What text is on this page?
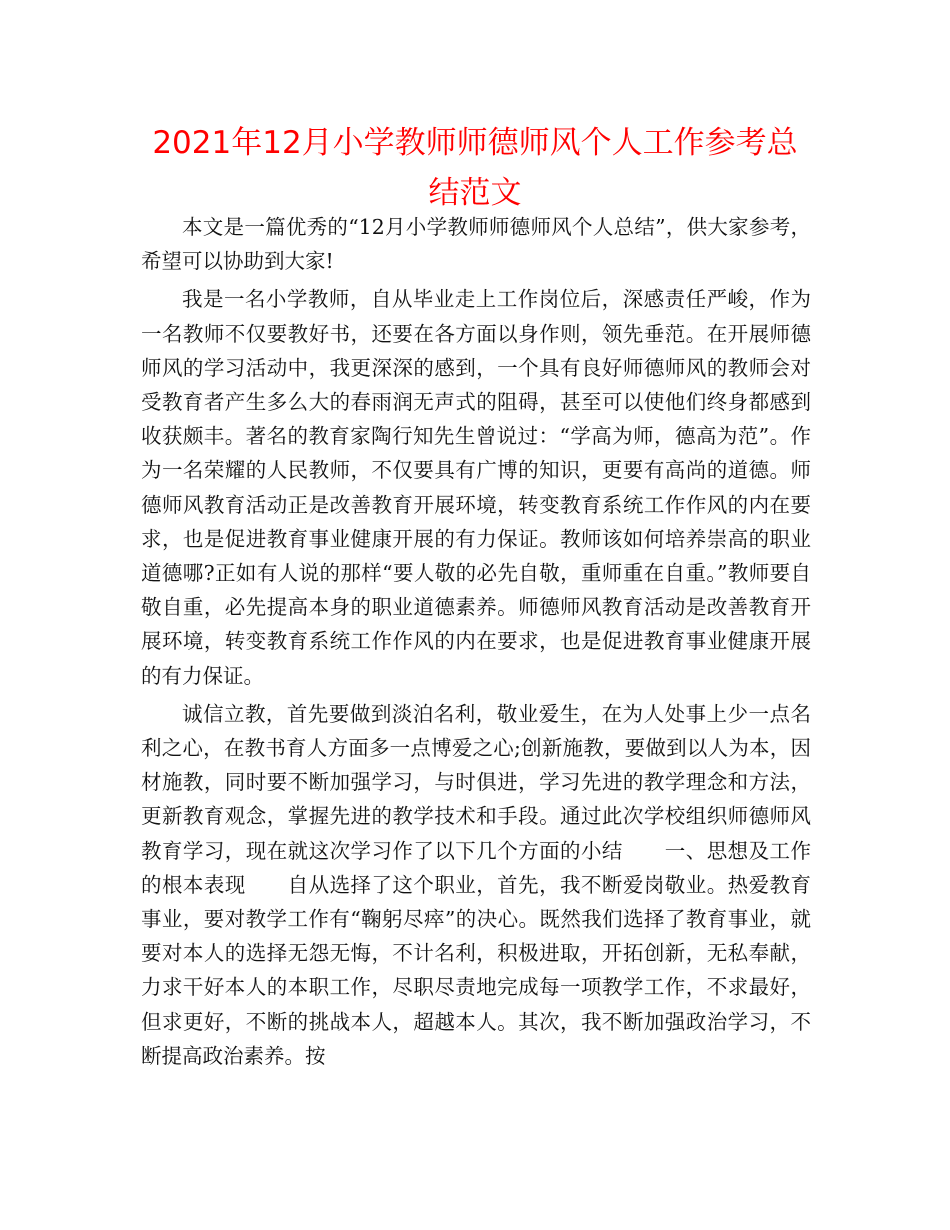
2021年12月小学教师师德师风个人工作参考总结范文

本文是一篇优秀的“12月小学教师师德师风个人总结”，供大家参考，希望可以协助到大家!

我是一名小学教师，自从毕业走上工作岗位后，深感责任严峻，作为一名教师不仅要教好书，还要在各方面以身作则，领先垂范。在开展师德师风的学习活动中，我更深深的感到，一个具有良好师德师风的教师会对受教育者产生多么大的春雨润无声式的阻碍，甚至可以使他们终身都感到收获颇丰。著名的教育家陶行知先生曾说过：“学高为师，德高为范”。作为一名荣耀的人民教师，不仅要具有广博的知识，更要有高尚的道德。师德师风教育活动正是改善教育开展环境，转变教育系统工作作风的内在要求，也是促进教育事业健康开展的有力保证。教师该如何培养崇高的职业道德哪?正如有人说的那样“要人敬的必先自敬，重师重在自重。”教师要自敬自重，必先提高本身的职业道德素养。师德师风教育活动是改善教育开展环境，转变教育系统工作作风的内在要求，也是促进教育事业健康开展的有力保证。

诚信立教，首先要做到淡泊名利，敬业爱生，在为人处事上少一点名利之心，在教书育人方面多一点博爱之心;创新施教，要做到以人为本，因材施教，同时要不断加强学习，与时俱进，学习先进的教学理念和方法，更新教育观念，掌握先进的教学技术和手段。通过此次学校组织师德师风教育学习，现在就这次学习作了以下几个方面的小结　　一、思想及工作的根本表现　　自从选择了这个职业，首先，我不断爱岗敬业。热爱教育事业，要对教学工作有“鞠躬尽瘁”的决心。既然我们选择了教育事业，就要对本人的选择无怨无悔，不计名利，积极进取，开拓创新，无私奉献，力求干好本人的本职工作，尽职尽责地完成每一项教学工作，不求最好，但求更好，不断的挑战本人，超越本人。其次，我不断加强政治学习，不断提高政治素养。按
